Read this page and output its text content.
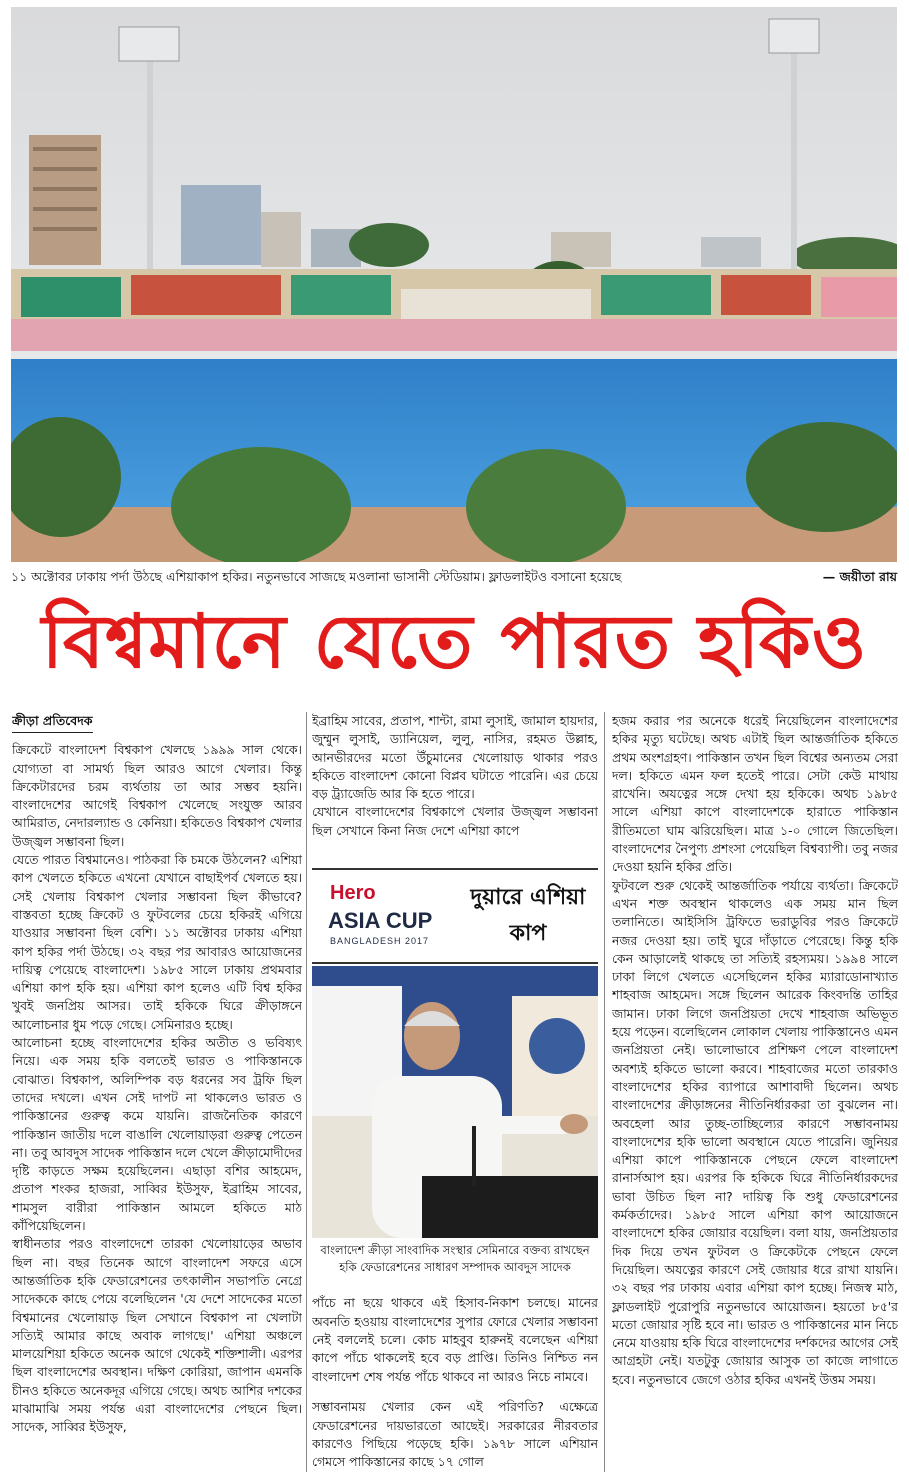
১১ অক্টোবর ঢাকায় পর্দা উঠছে এশিয়াকাপ হকির। নতুনভাবে সাজছে মওলানা ভাসানী স্টেডিয়াম। ফ্লাডলাইটও বসানো হয়েছে	— জয়ীতা রায়
বিশ্বমানে যেতে পারত হকিও
ক্রীড়া প্রতিবেদক

ক্রিকেটে বাংলাদেশ বিশ্বকাপ খেলছে ১৯৯৯ সাল থেকে। যোগ্যতা বা সামর্থ্য ছিল আরও আগে খেলার। কিন্তু ক্রিকেটারদের চরম ব্যর্থতায় তা আর সম্ভব হয়নি। বাংলাদেশের আগেই বিশ্বকাপ খেলেছে সংযুক্ত আরব আমিরাত, নেদারল্যান্ড ও কেনিয়া। হকিতেও বিশ্বকাপ খেলার উজ্জ্বল সম্ভাবনা ছিল।

যেতে পারত বিশ্বমানেও। পাঠকরা কি চমকে উঠলেন? এশিয়া কাপ খেলতে হকিতে এখনো যেখানে বাছাইপর্ব খেলতে হয়। সেই খেলায় বিশ্বকাপ খেলার সম্ভাবনা ছিল কীভাবে? বাস্তবতা হচ্ছে ক্রিকেট ও ফুটবলের চেয়ে হকিরই এগিয়ে যাওয়ার সম্ভাবনা ছিল বেশি। ১১ অক্টোবর ঢাকায় এশিয়া কাপ হকির পর্দা উঠছে। ৩২ বছর পর আবারও আয়োজনের দায়িত্ব পেয়েছে বাংলাদেশ। ১৯৮৫ সালে ঢাকায় প্রথমবার এশিয়া কাপ হকি হয়। এশিয়া কাপ হলেও এটি বিশ্ব হকির খুবই জনপ্রিয় আসর। তাই হকিকে ঘিরে ক্রীড়াঙ্গনে আলোচনার ধুম পড়ে গেছে। সেমিনারও হচ্ছে।

আলোচনা হচ্ছে বাংলাদেশের হকির অতীত ও ভবিষ্যৎ নিয়ে। এক সময় হকি বলতেই ভারত ও পাকিস্তানকে বোঝাত। বিশ্বকাপ, অলিম্পিক বড় ধরনের সব ট্রফি ছিল তাদের দখলে। এখন সেই দাপট না থাকলেও ভারত ও পাকিস্তানের গুরুত্ব কমে যায়নি। রাজনৈতিক কারণে পাকিস্তান জাতীয় দলে বাঙালি খেলোয়াড়রা গুরুত্ব পেতেন না। তবু আবদুস সাদেক পাকিস্তান দলে খেলে ক্রীড়ামোদীদের দৃষ্টি কাড়তে সক্ষম হয়েছিলেন। এছাড়া বশির আহমেদ, প্রতাপ শংকর হাজরা, সাব্বির ইউসুফ, ইব্রাহিম সাবের, শামসুল বারীরা পাকিস্তান আমলে হকিতে মাঠ কাঁপিয়েছিলেন।

স্বাধীনতার পরও বাংলাদেশে তারকা খেলোয়াড়ের অভাব ছিল না। বছর তিনেক আগে বাংলাদেশ সফরে এসে আন্তর্জাতিক হকি ফেডারেশনের তৎকালীন সভাপতি নেগ্রে সাদেককে কাছে পেয়ে বলেছিলেন 'যে দেশে সাদেকের মতো বিশ্বমানের খেলোয়াড় ছিল সেখানে বিশ্বকাপ না খেলাটা সত্যিই আমার কাছে অবাক লাগছে।' এশিয়া অঞ্চলে মালয়েশিয়া হকিতে অনেক আগে থেকেই শক্তিশালী। এরপর ছিল বাংলাদেশের অবস্থান। দক্ষিণ কোরিয়া, জাপান এমনকি চীনও হকিতে অনেকদূর এগিয়ে গেছে। অথচ আশির দশকের মাঝামাঝি সময় পর্যন্ত এরা বাংলাদেশের পেছনে ছিল। সাদেক, সাব্বির ইউসুফ,

ইব্রাহিম সাবের, প্রতাপ, শান্টা, রামা লুসাই, জামাল হায়দার, জুম্মুন লুসাই, ড্যানিয়েল, লুলু, নাসির, রহমত উল্লাহ, আনভীরদের মতো উঁচুমানের খেলোয়াড় থাকার পরও হকিতে বাংলাদেশ কোনো বিপ্লব ঘটাতে পারেনি। এর চেয়ে বড় ট্র্যাজেডি আর কি হতে পারে।

যেখানে বাংলাদেশের বিশ্বকাপে খেলার উজ্জ্বল সম্ভাবনা ছিল সেখানে কিনা নিজ দেশে এশিয়া কাপে

Hero
ASIA CUP
BANGLADESH 2017
দুয়ারে এশিয়া কাপ
বাংলাদেশ ক্রীড়া সাংবাদিক সংস্থার সেমিনারে বক্তব্য রাখছেন হকি ফেডারেশনের সাধারণ সম্পাদক আবদুস সাদেক

পাঁচে না ছয়ে থাকবে এই হিসাব-নিকাশ চলছে। মানের অবনতি হওয়ায় বাংলাদেশের সুপার ফোরে খেলার সম্ভাবনা নেই বললেই চলে। কোচ মাহবুব হারুনই বলেছেন এশিয়া কাপে পাঁচে থাকলেই হবে বড় প্রাপ্তি। তিনিও নিশ্চিত নন বাংলাদেশ শেষ পর্যন্ত পাঁচে থাকবে না আরও নিচে নামবে।

সম্ভাবনাময় খেলার কেন এই পরিণতি? এক্ষেত্রে ফেডারেশনের দায়ভারতো আছেই। সরকারের নীরবতার কারণেও পিছিয়ে পড়েছে হকি। ১৯৭৮ সালে এশিয়ান গেমসে পাকিস্তানের কাছে ১৭ গোল

হজম করার পর অনেকে ধরেই নিয়েছিলেন বাংলাদেশের হকির মৃত্যু ঘটেছে। অথচ এটাই ছিল আন্তর্জাতিক হকিতে প্রথম অংশগ্রহণ। পাকিস্তান তখন ছিল বিশ্বের অন্যতম সেরা দল। হকিতে এমন ফল হতেই পারে। সেটা কেউ মাথায় রাখেনি। অযত্নের সঙ্গে দেখা হয় হকিকে। অথচ ১৯৮৫ সালে এশিয়া কাপে বাংলাদেশকে হারাতে পাকিস্তান রীতিমতো ঘাম ঝরিয়েছিল। মাত্র ১-০ গোলে জিতেছিল। বাংলাদেশের নৈপুণ্য প্রশংসা পেয়েছিল বিশ্বব্যাপী। তবু নজর দেওয়া হয়নি হকির প্রতি।

ফুটবলে শুরু থেকেই আন্তর্জাতিক পর্যায়ে ব্যর্থতা। ক্রিকেটে এখন শক্ত অবস্থান থাকলেও এক সময় মান ছিল তলানিতে। আইসিসি ট্রফিতে ভরাডুবির পরও ক্রিকেটে নজর দেওয়া হয়। তাই ঘুরে দাঁড়াতে পেরেছে। কিন্তু হকি কেন আড়ালেই থাকছে তা সত্যিই রহস্যময়। ১৯৯৪ সালে ঢাকা লিগে খেলতে এসেছিলেন হকির ম্যারাডোনাখ্যাত শাহবাজ আহমেদ। সঙ্গে ছিলেন আরেক কিংবদন্তি তাহির জামান। ঢাকা লিগে জনপ্রিয়তা দেখে শাহবাজ অভিভূত হয়ে পড়েন। বলেছিলেন লোকাল খেলায় পাকিস্তানেও এমন জনপ্রিয়তা নেই। ভালোভাবে প্রশিক্ষণ পেলে বাংলাদেশ অবশ্যই হকিতে ভালো করবে। শাহবাজের মতো তারকাও বাংলাদেশের হকির ব্যাপারে আশাবাদী ছিলেন। অথচ বাংলাদেশের ক্রীড়াঙ্গনের নীতিনির্ধারকরা তা বুঝলেন না। অবহেলা আর তুচ্ছ-তাচ্ছিল্যের কারণে সম্ভাবনাময় বাংলাদেশের হকি ভালো অবস্থানে যেতে পারেনি। জুনিয়র এশিয়া কাপে পাকিস্তানকে পেছনে ফেলে বাংলাদেশ রানার্সআপ হয়। এরপর কি হকিকে ঘিরে নীতিনির্ধারকদের ভাবা উচিত ছিল না? দায়িত্ব কি শুধু ফেডারেশনের কর্মকর্তাদের। ১৯৮৫ সালে এশিয়া কাপ আয়োজনে বাংলাদেশে হকির জোয়ার বয়েছিল। বলা যায়, জনপ্রিয়তার দিক দিয়ে তখন ফুটবল ও ক্রিকেটকে পেছনে ফেলে দিয়েছিল। অযত্নের কারণে সেই জোয়ার ধরে রাখা যায়নি। ৩২ বছর পর ঢাকায় এবার এশিয়া কাপ হচ্ছে। নিজস্ব মাঠ, ফ্লাডলাইট পুরোপুরি নতুনভাবে আয়োজন। হয়তো ৮৫'র মতো জোয়ার সৃষ্টি হবে না। ভারত ও পাকিস্তানের মান নিচে নেমে যাওয়ায় হকি ঘিরে বাংলাদেশের দর্শকদের আগের সেই আগ্রহটা নেই। যতটুকু জোয়ার আসুক তা কাজে লাগাতে হবে। নতুনভাবে জেগে ওঠার হকির এখনই উত্তম সময়।
